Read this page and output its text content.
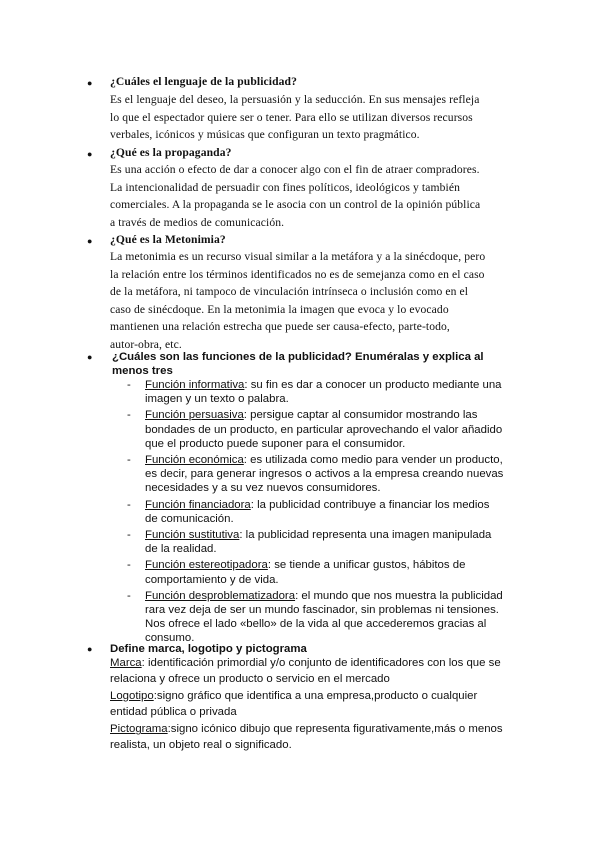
● ¿Cuáles el lenguaje de la publicidad?
Es el lenguaje del deseo, la persuasión y la seducción. En sus mensajes refleja
lo que el espectador quiere ser o tener. Para ello se utilizan diversos recursos
verbales, icónicos y músicas que configuran un texto pragmático.
● ¿Qué es la propaganda?
Es una acción o efecto de dar a conocer algo con el fin de atraer compradores.
La intencionalidad de persuadir con fines políticos, ideológicos y también
comerciales. A la propaganda se le asocia con un control de la opinión pública
a través de medios de comunicación.
● ¿Qué es la Metonimia?
La metonimia es un recurso visual similar a la metáfora y a la sinécdoque, pero
la relación entre los términos identificados no es de semejanza como en el caso
de la metáfora, ni tampoco de vinculación intrínseca o inclusión como en el
caso de sinécdoque. En la metonimia la imagen que evoca y lo evocado
mantienen una relación estrecha que puede ser causa-efecto, parte-todo,
autor-obra, etc.
● ¿Cuáles son las funciones de la publicidad? Enuméralas y explica al
menos tres
- Función informativa: su fin es dar a conocer un producto mediante una
imagen y un texto o palabra.
- Función persuasiva: persigue captar al consumidor mostrando las
bondades de un producto, en particular aprovechando el valor añadido
que el producto puede suponer para el consumidor.
- Función económica: es utilizada como medio para vender un producto,
es decir, para generar ingresos o activos a la empresa creando nuevas
necesidades y a su vez nuevos consumidores.
- Función financiadora: la publicidad contribuye a financiar los medios
de comunicación.
- Función sustitutiva: la publicidad representa una imagen manipulada
de la realidad.
- Función estereotipadora: se tiende a unificar gustos, hábitos de
comportamiento y de vida.
- Función desproblematizadora: el mundo que nos muestra la publicidad
rara vez deja de ser un mundo fascinador, sin problemas ni tensiones.
Nos ofrece el lado «bello» de la vida al que accederemos gracias al
consumo.
● Define marca, logotipo y pictograma
Marca: identificación primordial y/o conjunto de identificadores con los que se
relaciona y ofrece un producto o servicio en el mercado
Logotipo:signo gráfico que identifica a una empresa,producto o cualquier
entidad pública o privada
Pictograma:signo icónico dibujo que representa figurativamente,más o menos
realista, un objeto real o significado.
